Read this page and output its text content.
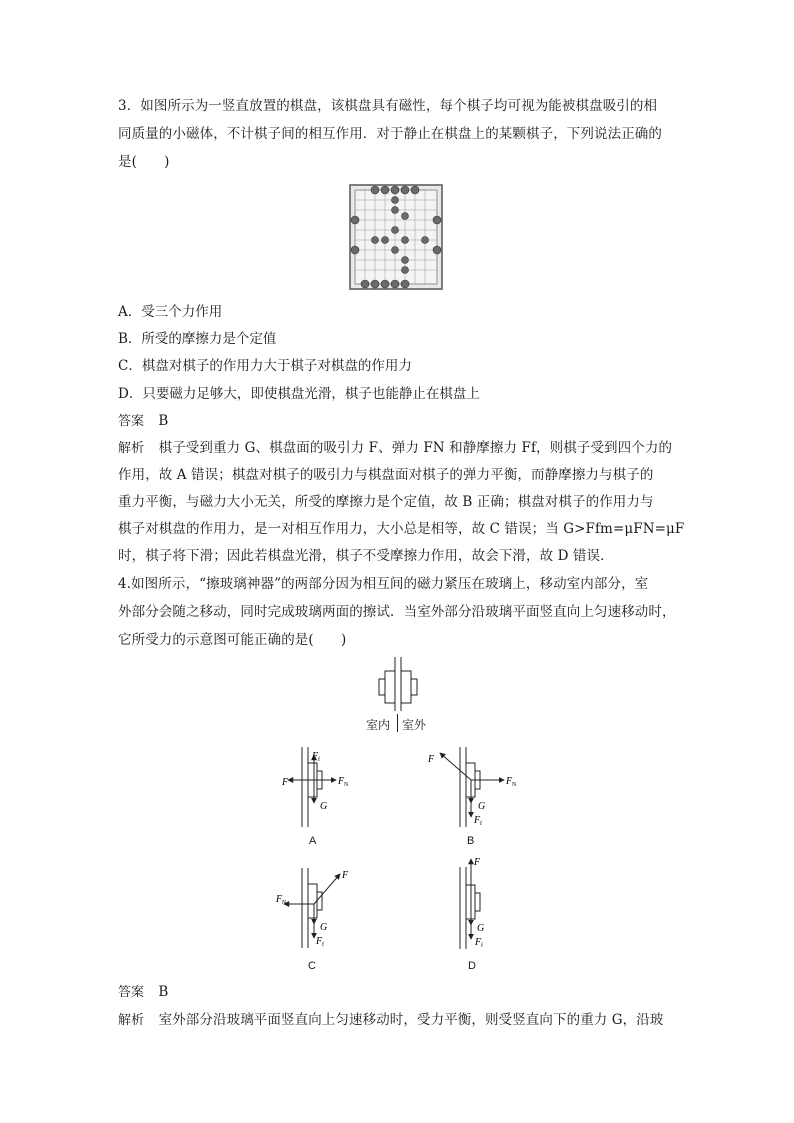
3．如图所示为一竖直放置的棋盘，该棋盘具有磁性，每个棋子均可视为能被棋盘吸引的相
同质量的小磁体，不计棋子间的相互作用．对于静止在棋盘上的某颗棋子，下列说法正确的
是(　　)
A．受三个力作用
B．所受的摩擦力是个定值
C．棋盘对棋子的作用力大于棋子对棋盘的作用力
D．只要磁力足够大，即使棋盘光滑，棋子也能静止在棋盘上
答案 B
解析 棋子受到重力 G、棋盘面的吸引力 F、弹力 FN 和静摩擦力 Ff，则棋子受到四个力的
作用，故 A 错误；棋盘对棋子的吸引力与棋盘面对棋子的弹力平衡，而静摩擦力与棋子的
重力平衡，与磁力大小无关，所受的摩擦力是个定值，故 B 正确；棋盘对棋子的作用力与
棋子对棋盘的作用力，是一对相互作用力，大小总是相等，故 C 错误；当 G>Ffm=μFN=μF
时，棋子将下滑；因此若棋盘光滑，棋子不受摩擦力作用，故会下滑，故 D 错误．
4.如图所示，“擦玻璃神器”的两部分因为相互间的磁力紧压在玻璃上，移动室内部分，室
外部分会随之移动，同时完成玻璃两面的擦试．当室外部分沿玻璃平面竖直向上匀速移动时，
它所受力的示意图可能正确的是(　　)
室内 室外
F	F N
F f
G
A
F
F N
G
F f
B
F N
F
G
F f
C
F
G
F f
D
答案 B
解析 室外部分沿玻璃平面竖直向上匀速移动时，受力平衡，则受竖直向下的重力 G，沿玻
